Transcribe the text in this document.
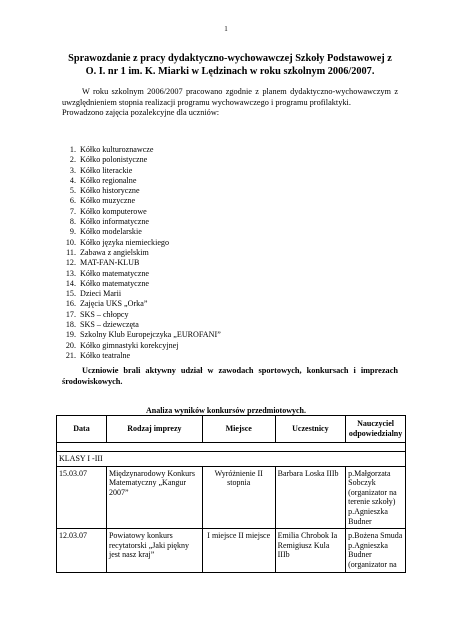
1
Sprawozdanie z pracy dydaktyczno-wychowawczej Szkoły Podstawowej z
O. I. nr 1 im. K. Miarki w Lędzinach w roku szkolnym 2006/2007.

W roku szkolnym 2006/2007 pracowano zgodnie z planem dydaktyczno-wychowawczym z uwzględnieniem stopnia realizacji programu wychowawczego i programu profilaktyki.

Prowadzono zajęcia pozalekcyjne dla uczniów:

1. Kółko kulturoznawcze
2. Kółko polonistyczne
3. Kółko literackie
4. Kółko regionalne
5. Kółko historyczne
6. Kółko muzyczne
7. Kółko komputerowe
8. Kółko informatyczne
9. Kółko modelarskie
10. Kółko języka niemieckiego
11. Zabawa z angielskim
12. MAT-FAN-KLUB
13. Kółko matematyczne
14. Kółko matematyczne
15. Dzieci Marii
16. Zajęcia UKS „Orka”
17. SKS – chłopcy
18. SKS – dziewczęta
19. Szkolny Klub Europejczyka „EUROFANI”
20. Kółko gimnastyki korekcyjnej
21. Kółko teatralne
Uczniowie brali aktywny udział w zawodach sportowych, konkursach i imprezach środowiskowych.
Analiza wyników konkursów przedmiotowych.
Data	Rodzaj imprezy	Miejsce	Uczestnicy	Nauczyciel odpowiedzialny

KLASY I -III				
15.03.07	Międzynarodowy Konkurs Matematyczny „Kangur 2007”	Wyróżnienie II stopnia	Barbara Loska IIIb	p.Małgorzata Sobczyk (organizator na terenie szkoły) p.Agnieszka Budner
12.03.07	Powiatowy konkurs recytatorski „Jaki piękny jest nasz kraj”	I miejsce II miejsce	Emilia Chrobok Ia Remigiusz Kula IIIb	p.Bożena Smuda p.Agnieszka Budner (organizator na
